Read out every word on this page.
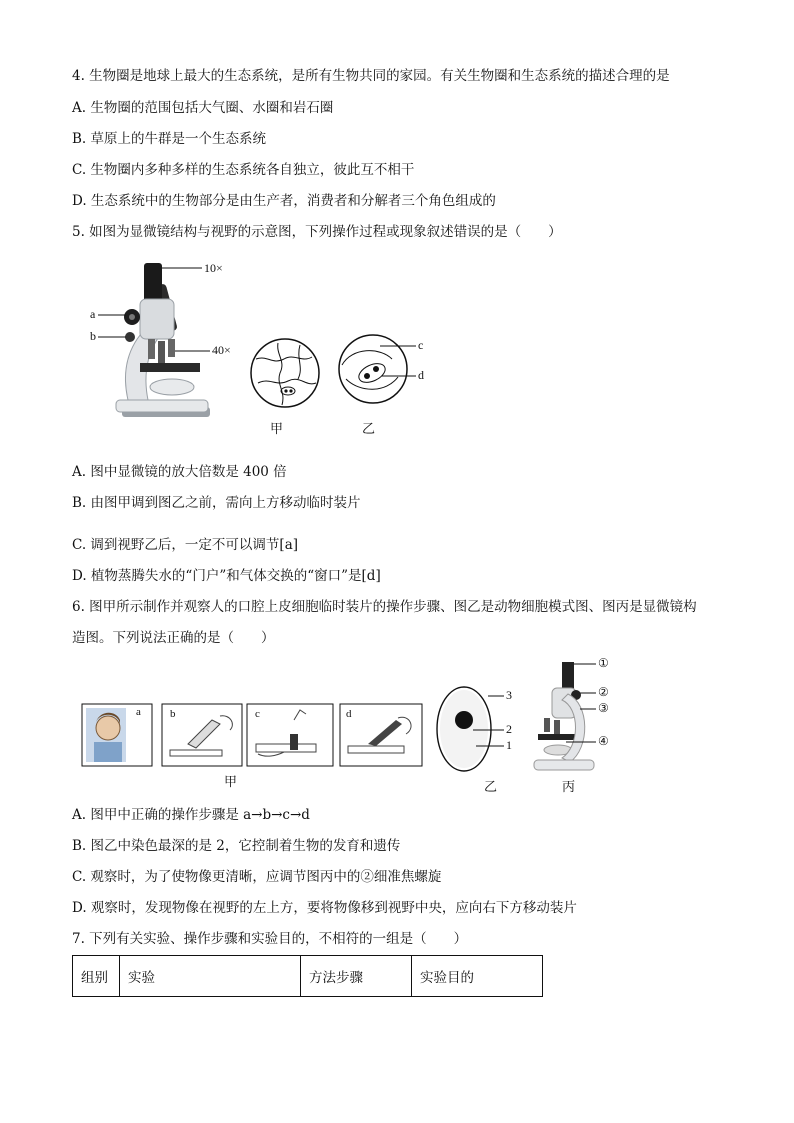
4. 生物圈是地球上最大的生态系统，是所有生物共同的家园。有关生物圈和生态系统的描述合理的是
A. 生物圈的范围包括大气圈、水圈和岩石圈
B. 草原上的牛群是一个生态系统
C. 生物圈内多种多样的生态系统各自独立，彼此互不相干
D. 生态系统中的生物部分是由生产者，消费者和分解者三个角色组成的
5. 如图为显微镜结构与视野的示意图，下列操作过程或现象叙述错误的是（　　）
10×
a
b
40×	c
d
甲	乙
A. 图中显微镜的放大倍数是 400 倍
B. 由图甲调到图乙之前，需向上方移动临时装片
C. 调到视野乙后，一定不可以调节[a]
D. 植物蒸腾失水的“门户”和气体交换的“窗口”是[d]
6. 图甲所示制作并观察人的口腔上皮细胞临时装片的操作步骤、图乙是动物细胞模式图、图丙是显微镜构
造图。下列说法正确的是（　　）
a	b	c	d
甲	乙	丙
3
2
1
①
②
③
④
A. 图甲中正确的操作步骤是 a→b→c→d
B. 图乙中染色最深的是 2，它控制着生物的发育和遗传
C. 观察时，为了使物像更清晰，应调节图丙中的②细准焦螺旋
D. 观察时，发现物像在视野的左上方，要将物像移到视野中央，应向右下方移动装片
7. 下列有关实验、操作步骤和实验目的，不相符的一组是（　　）
组别	实验	方法步骤	实验目的
